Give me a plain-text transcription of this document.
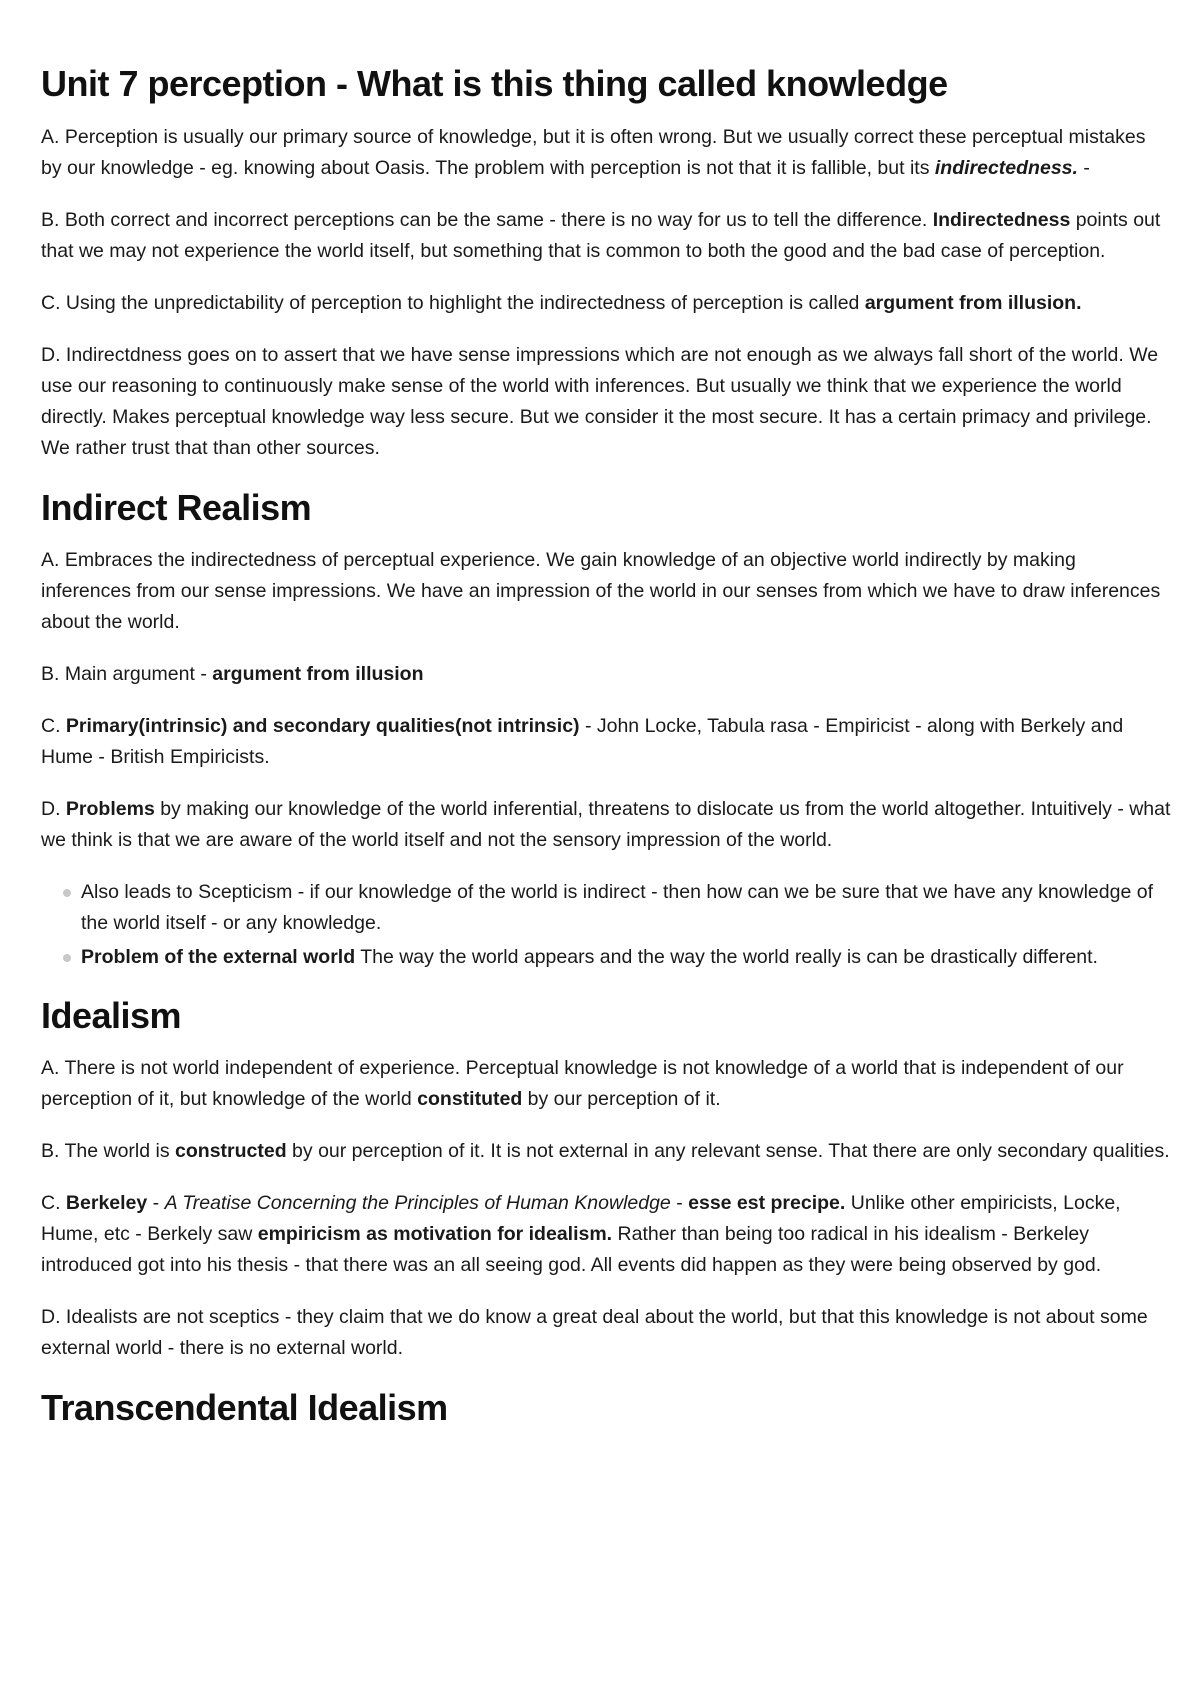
Unit 7 perception - What is this thing called knowledge

A. Perception is usually our primary source of knowledge, but it is often wrong. But we usually correct these perceptual mistakes by our knowledge - eg. knowing about Oasis. The problem with perception is not that it is fallible, but its indirectedness. -

B. Both correct and incorrect perceptions can be the same - there is no way for us to tell the difference. Indirectedness points out that we may not experience the world itself, but something that is common to both the good and the bad case of perception.

C. Using the unpredictability of perception to highlight the indirectedness of perception is called argument from illusion.

D. Indirectdness goes on to assert that we have sense impressions which are not enough as we always fall short of the world. We use our reasoning to continuously make sense of the world with inferences. But usually we think that we experience the world directly. Makes perceptual knowledge way less secure. But we consider it the most secure. It has a certain primacy and privilege. We rather trust that than other sources.

Indirect Realism

A. Embraces the indirectedness of perceptual experience. We gain knowledge of an objective world indirectly by making inferences from our sense impressions. We have an impression of the world in our senses from which we have to draw inferences about the world.

B. Main argument - argument from illusion

C. Primary(intrinsic) and secondary qualities(not intrinsic) - John Locke, Tabula rasa - Empiricist - along with Berkely and Hume - British Empiricists.

D. Problems by making our knowledge of the world inferential, threatens to dislocate us from the world altogether. Intuitively - what we think is that we are aware of the world itself and not the sensory impression of the world.

Also leads to Scepticism - if our knowledge of the world is indirect - then how can we be sure that we have any knowledge of the world itself - or any knowledge.
Problem of the external world The way the world appears and the way the world really is can be drastically different.
Idealism

A. There is not world independent of experience. Perceptual knowledge is not knowledge of a world that is independent of our perception of it, but knowledge of the world constituted by our perception of it.

B. The world is constructed by our perception of it. It is not external in any relevant sense. That there are only secondary qualities.

C. Berkeley - A Treatise Concerning the Principles of Human Knowledge - esse est precipe. Unlike other empiricists, Locke, Hume, etc - Berkely saw empiricism as motivation for idealism. Rather than being too radical in his idealism - Berkeley introduced got into his thesis - that there was an all seeing god. All events did happen as they were being observed by god.

D. Idealists are not sceptics - they claim that we do know a great deal about the world, but that this knowledge is not about some external world - there is no external world.

Transcendental Idealism
